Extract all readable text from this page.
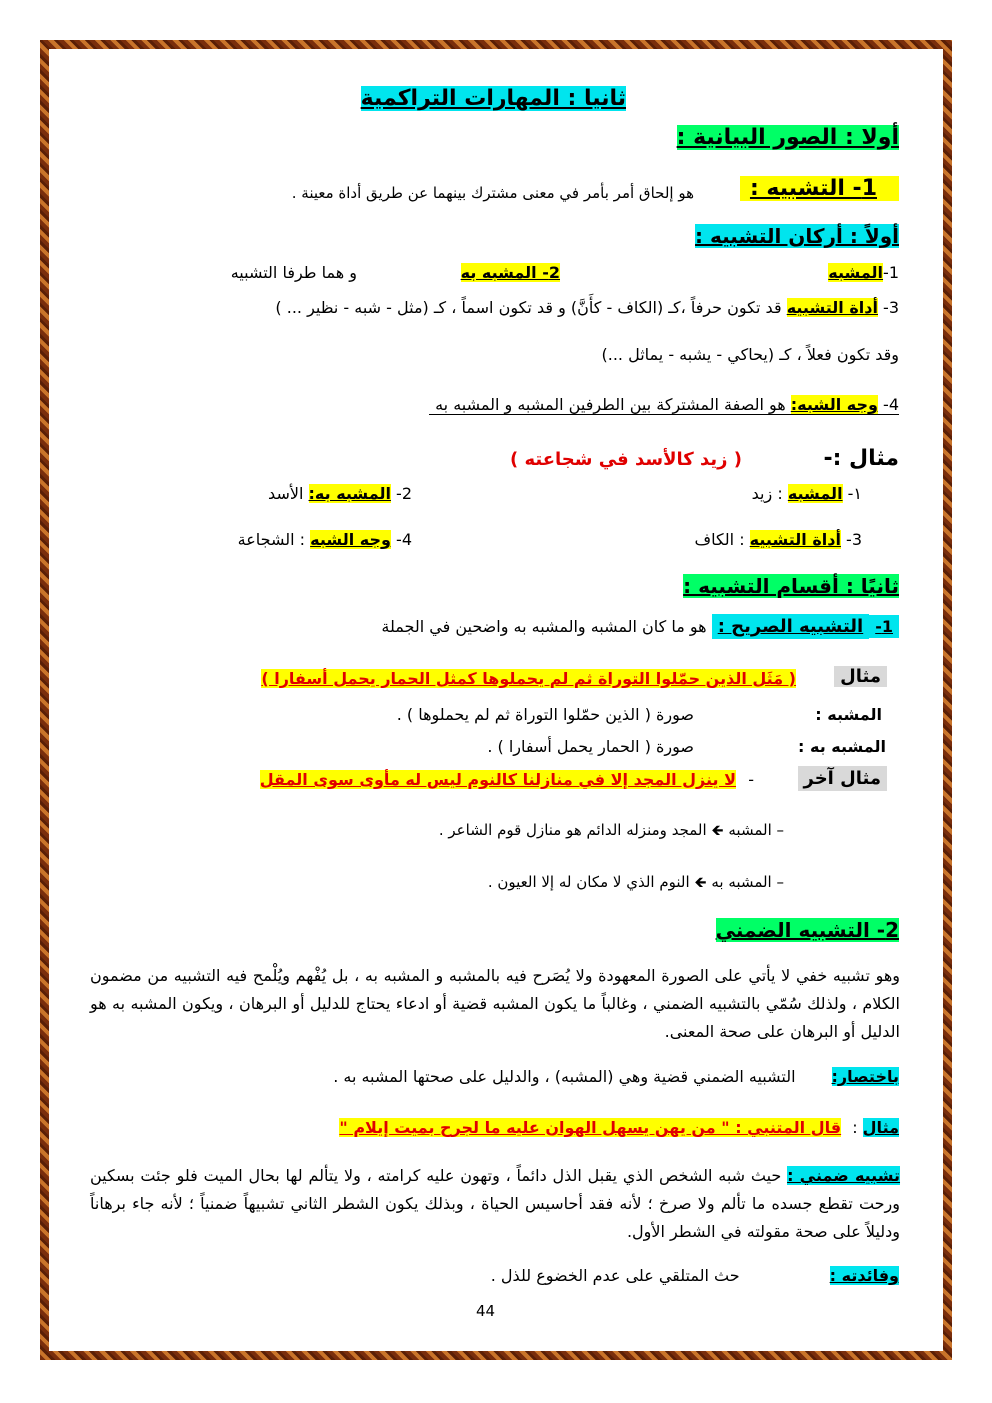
ثانيا : المهارات التراكمية
أولا : الصور البيانية :
1- التشبيه :
هو إلحاق أمر بأمر في معنى مشترك بينهما عن طريق أداة معينة .
أولاً : أركان التشبيه :
1-المشبه
2- المشبه به
و هما طرفا التشبيه
3- أداة التشبيه قد تكون حرفاً ،كـ (الكاف - كأَنَّ) و قد تكون اسماً ، كـ (مثل - شبه - نظير ... )
وقد تكون فعلاً ، كـ (يحاكي - يشبه - يماثل ...)
4- وجه الشبه: هو الصفة المشتركة بين الطرفين المشبه و المشبه به
مثال :-
( زيد كالأسد في شجاعته )
١- المشبه : زيد
2- المشبه به: الأسد
3- أداة التشبيه : الكاف
4- وجه الشبه : الشجاعة
ثانيًا : أقسام التشبيه :
1-التشبيه الصريح : هو ما كان المشبه والمشبه به واضحين في الجملة
مثال
( مَثَل الذين حمّلوا التوراة ثم لم يحملوها كمثل الحمار يحمل أسفارا )
المشبه :
صورة ( الذين حمّلوا التوراة ثم لم يحملوها ) .
المشبه به :
صورة ( الحمار يحمل أسفارا ) .
مثال آخر
-
لا ينزل المجد إلا في منازلنا كالنوم ليس له مأوى سوى المقل
– المشبه 🡸 المجد ومنزله الدائم هو منازل قوم الشاعر .
– المشبه به 🡸 النوم الذي لا مكان له إلا العيون .
2- التشبيه الضمني
وهو تشبيه خفي لا يأتي على الصورة المعهودة ولا يُصَرح فيه بالمشبه و المشبه به ، بل يُفْهم ويُلْمح فيه التشبيه من مضمون الكلام ، ولذلك سُمّي بالتشبيه الضمني ، وغالباً ما يكون المشبه قضية أو ادعاء يحتاج للدليل أو البرهان ، ويكون المشبه به هو الدليل أو البرهان على صحة المعنى.
باختصار:التشبيه الضمني قضية وهي (المشبه) ، والدليل على صحتها المشبه به .
مثال : قال المتنبي : " من يهن يسهل الهوان عليه ما لجرح بميت إيلام "
تشبيه ضمني : حيث شبه الشخص الذي يقبل الذل دائماً ، وتهون عليه كرامته ، ولا يتألم لها بحال الميت فلو جئت بسكين ورحت تقطع جسده ما تألم ولا صرخ ؛ لأنه فقد أحاسيس الحياة ، وبذلك يكون الشطر الثاني تشبيهاً ضمنياً ؛ لأنه جاء برهاناً ودليلاً على صحة مقولته في الشطر الأول.
وفائدته :حث المتلقي على عدم الخضوع للذل .
44
